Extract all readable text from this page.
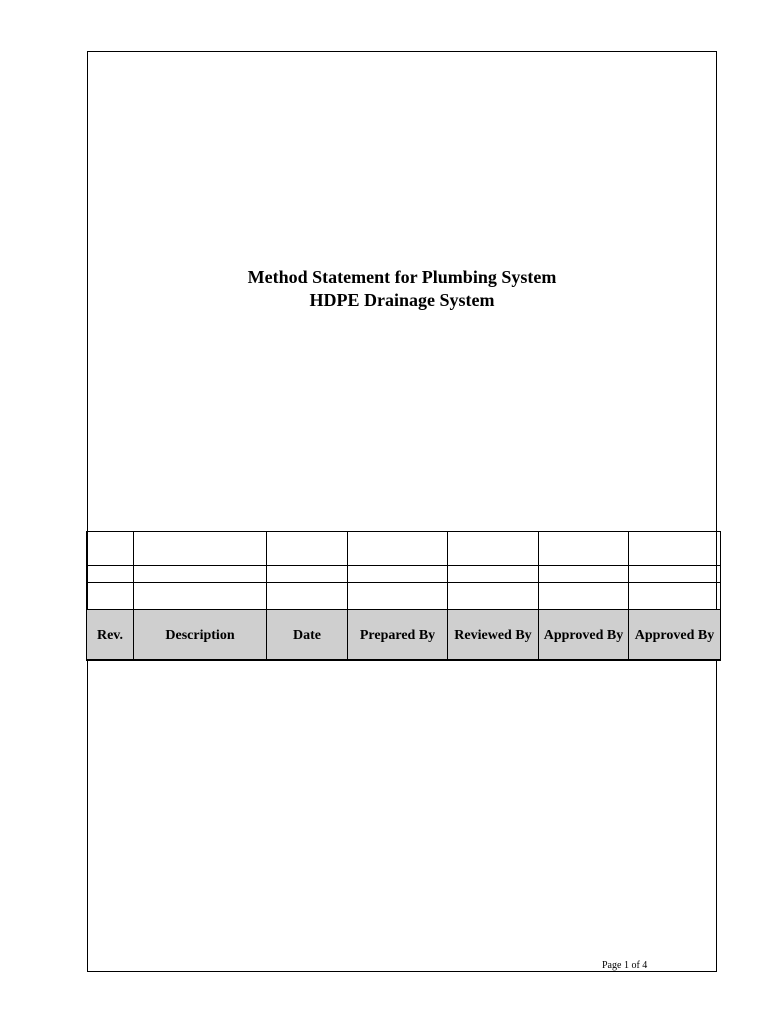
Method Statement for Plumbing System
HDPE Drainage System

Rev.	Description	Date	Prepared By	Reviewed By	Approved By	Approved By
Page 1 of 4
